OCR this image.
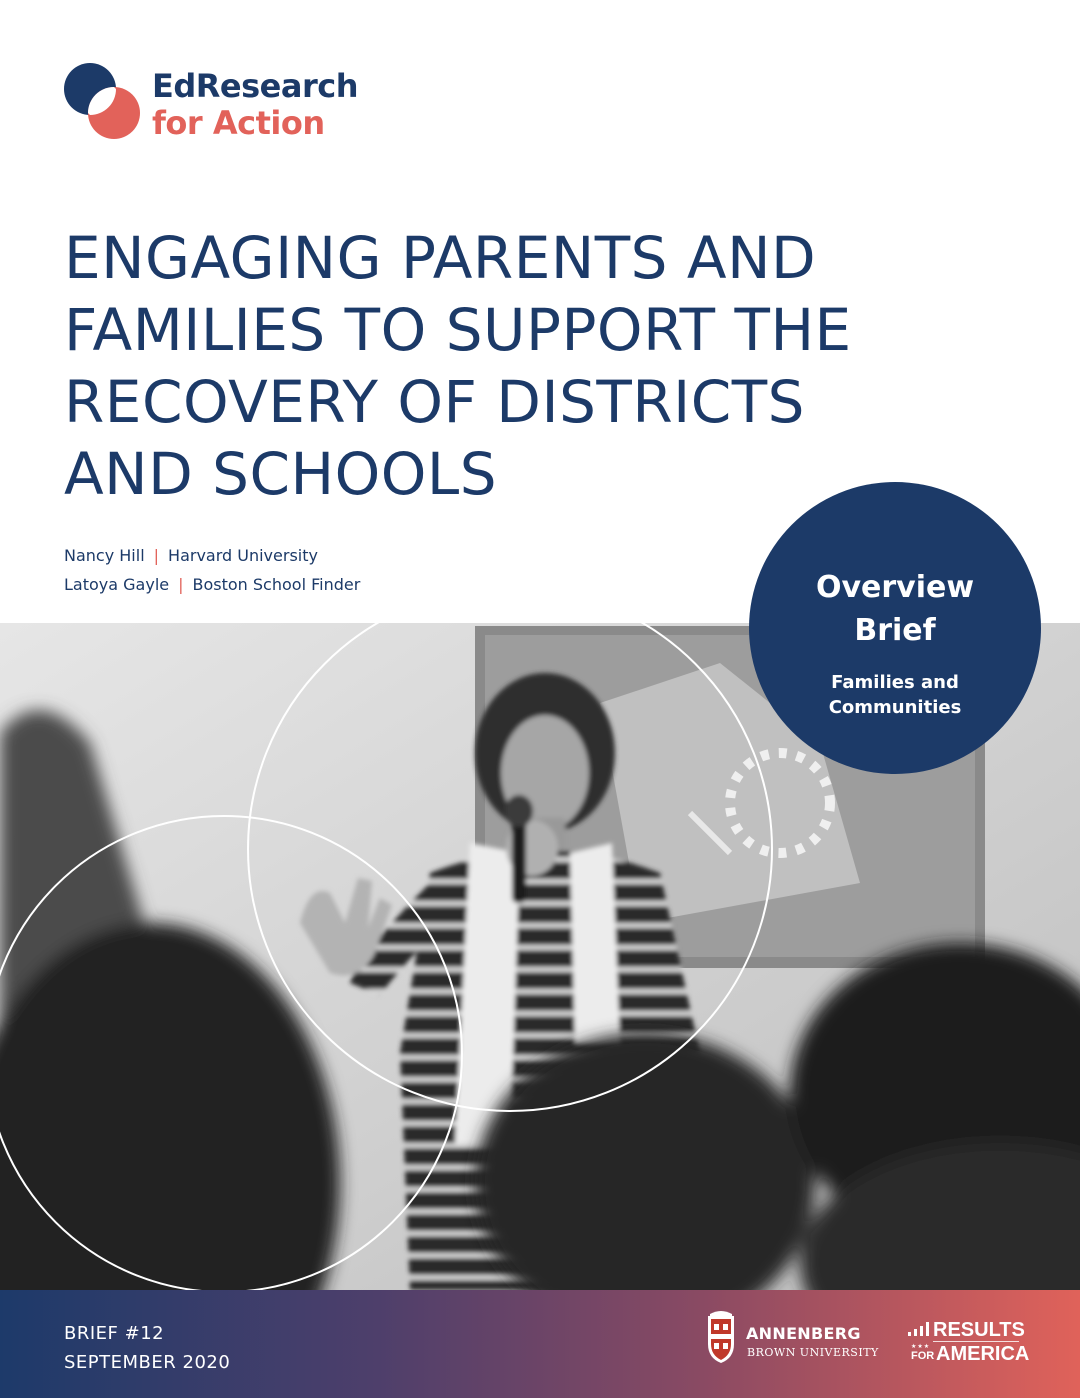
EdResearch
for Action
ENGAGING PARENTS AND
FAMILIES TO SUPPORT THE
RECOVERY OF DISTRICTS
AND SCHOOLS
Nancy Hill | Harvard University
Latoya Gayle | Boston School Finder	Overview
Brief
Families and
Communities
BRIEF #12
SEPTEMBER 2020
ANNENBERG
BROWN UNIVERSITY
RESULTS
★★★
FOR AMERICA
